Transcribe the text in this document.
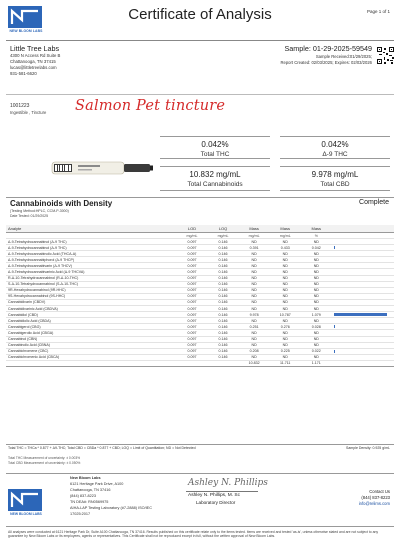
NEW BLOOM LABS
Certificate of Analysis	Page 1 of 1
Little Tree Labs
4300 N Access Rd Suite B
Chattanooga, TN 37415
lucas@littletreelabs.com
931-581-6620
Sample: 01-29-2025-59549
Sample Received:01/29/2025;
Report Created: 02/03/2025; Expires: 02/03/2026
1001223
Ingestible , Tincture Salmon Pet tincture
0.042%
Total THC
0.042%
Δ-9 THC
10.832 mg/mL
Total Cannabinoids
9.978 mg/mL
Total CBD
Cannabinoids with Density	Complete
(Testing Method:HPLC, CCM-P-3000)
Date Tested: 01/29/2025
Analyte	LOD	LOQ	Mass	Mass	Mass	
	mg/mL	mg/mL	mg/mL	mg/mL	%	
Δ-9-Tetrahydrocannabinol (Δ-9 THC)	0.097	0.146	ND	ND	ND	
Δ-9-Tetrahydrocannabinol (Δ-9 THC)	0.097	0.146	0.391	0.433	0.042	
Δ-9-Tetrahydrocannabinolic Acid (THCA-A)	0.097	0.146	ND	ND	ND	
Δ-9-Tetrahydrocannabiphorol (Δ-9 THCP)	0.097	0.146	ND	ND	ND	
Δ-9-Tetrahydrocannabivarin (Δ-9 THCV)	0.097	0.146	ND	ND	ND	
Δ-9-Tetrahydrocannabivarinic Acid (Δ-9 THCVA)	0.097	0.146	ND	ND	ND	
R-Δ-10-Tetrahydrocannabinol (R-Δ-10-THC)	0.097	0.146	ND	ND	ND	
S-Δ-10-Tetrahydrocannabinol (S-Δ-10-THC)	0.097	0.146	ND	ND	ND	
9R-Hexahydrocannabinol (9R-HHC)	0.097	0.146	ND	ND	ND	
9S-Hexahydrocannabinol (9S-HHC)	0.097	0.146	ND	ND	ND	
Cannabidivarin (CBDV)	0.097	0.146	ND	ND	ND	
Cannabidivarinic Acid (CBDVA)	0.097	0.146	ND	ND	ND	
Cannabidiol (CBD)	0.097	0.146	9.978	10.787	1.079	
Cannabidiolic Acid (CBDA)	0.097	0.146	ND	ND	ND	
Cannabigerol (CBG)	0.097	0.146	0.251	0.276	0.028	
Cannabigerolic Acid (CBGA)	0.097	0.146	ND	ND	ND	
Cannabinol (CBN)	0.097	0.146	ND	ND	ND	
Cannabinolic Acid (CBNA)	0.097	0.146	ND	ND	ND	
Cannabichromene (CBC)	0.097	0.146	0.208	0.225	0.022	
Cannabichromenic Acid (CBCA)	0.097	0.146	ND	ND	ND	
			10.832	11.711	1.171	
Total THC = THCa * 0.877 + Δ9-THC; Total CBD = CBDa * 0.877 + CBD; LOQ = Limit of Quantitation; ND = Not Detected	Sample Density: 0.925 g/mL
Total THC Measurement of uncertainty: ± 0.003%
Total CBD Measurement of uncertainty: ± 0.050%
NEW BLOOM LABS
New Bloom Labs
6121 Heritage Park Drive, A100
Chattanooga, TN 37416
(844) 837-8223
TN DEA#: RN0569975
AIHA-LAP Testing Laboratory (#7-2888) ISO/IEC
17025:2017
Ashley N. Phillips
Ashley N. Phillips, M. Sc
Laboratory Director
Contact Us
(844) 837-8223
info@relims.com
All analyses were conducted at 6121 Heritage Park Dr, Suite A100 Chattanooga, TN 37416. Results published on this certificate relate only to the items tested. Items are received and tested 'as-is', unless otherwise stated and are not subject to any guarantee by New Bloom Labs or its employees, agents or representatives. This Certificate shall not be reproduced except in full, without the written approval of New Bloom Labs.
